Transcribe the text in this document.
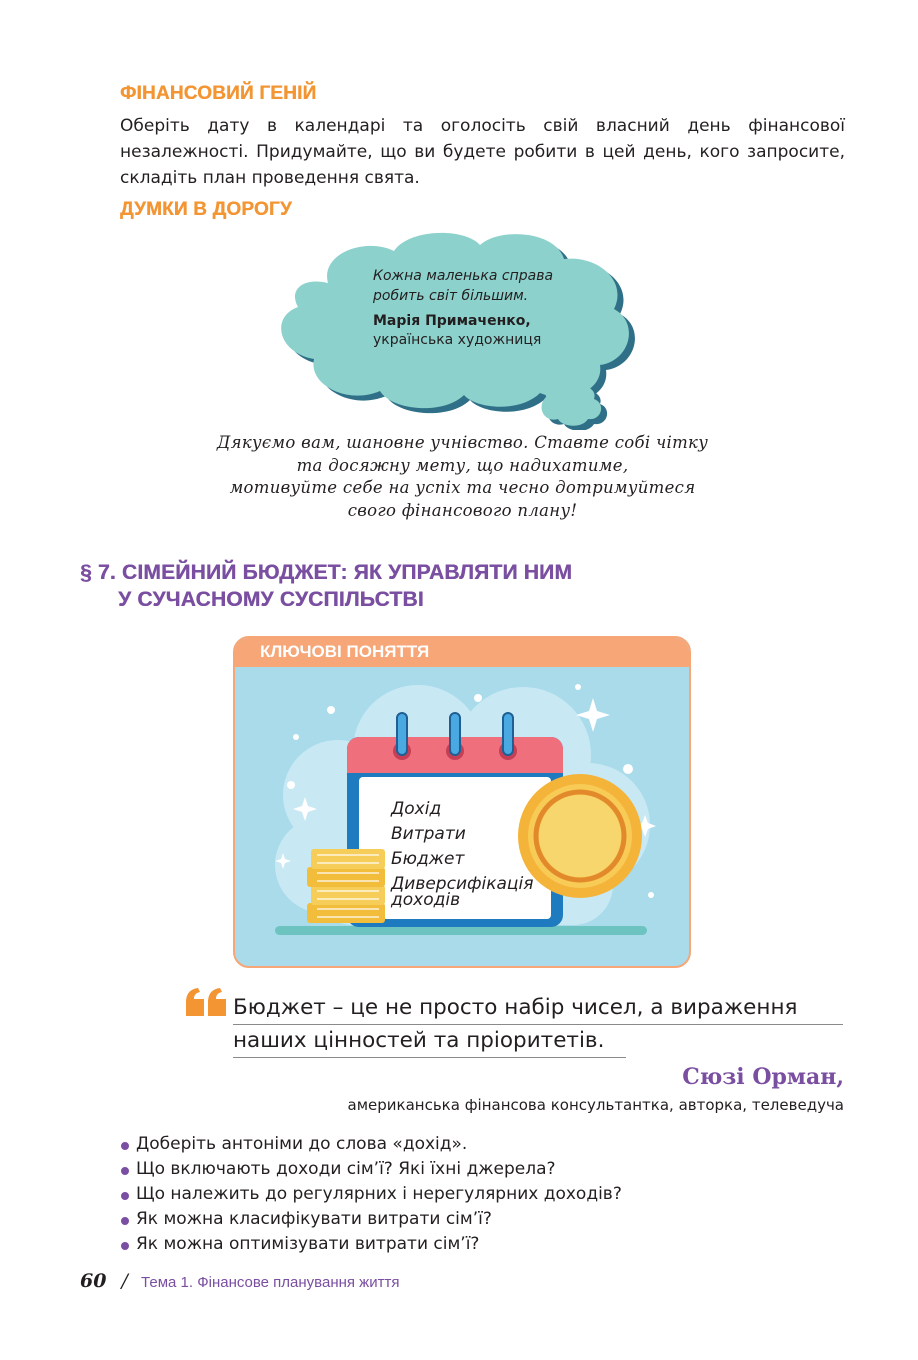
ФІНАНСОВИЙ ГЕНІЙ
Оберіть дату в календарі та оголосіть свій власний день фінансової незалежності. Придумайте, що ви будете робити в цей день, кого запросите, складіть план проведення свята.
ДУМКИ В ДОРОГУ
Кожна маленька справа
робить світ більшим.
Марія Примаченко,
українська художниця
Дякуємо вам, шановне учнівство. Ставте собі чітку
та досяжну мету, що надихатиме,
мотивуйте себе на успіх та чесно дотримуйтеся
свого фінансового плану!
§ 7. СІМЕЙНИЙ БЮДЖЕТ: ЯК УПРАВЛЯТИ НИМ
У СУЧАСНОМУ СУСПІЛЬСТВІ
КЛЮЧОВІ ПОНЯТТЯ
Дохід
Витрати
Бюджет
Диверсифікація
доходів
Бюджет – це не просто набір чисел, а вираження
наших цінностей та пріоритетів.
Сюзі Орман,
американська фінансова консультантка, авторка, телеведуча
Доберіть антоніми до слова «дохід».
Що включають доходи сім’ї? Які їхні джерела?
Що належить до регулярних і нерегулярних доходів?
Як можна класифікувати витрати сім’ї?
Як можна оптимізувати витрати сім’ї?
60 / Тема 1. Фінансове планування життя
